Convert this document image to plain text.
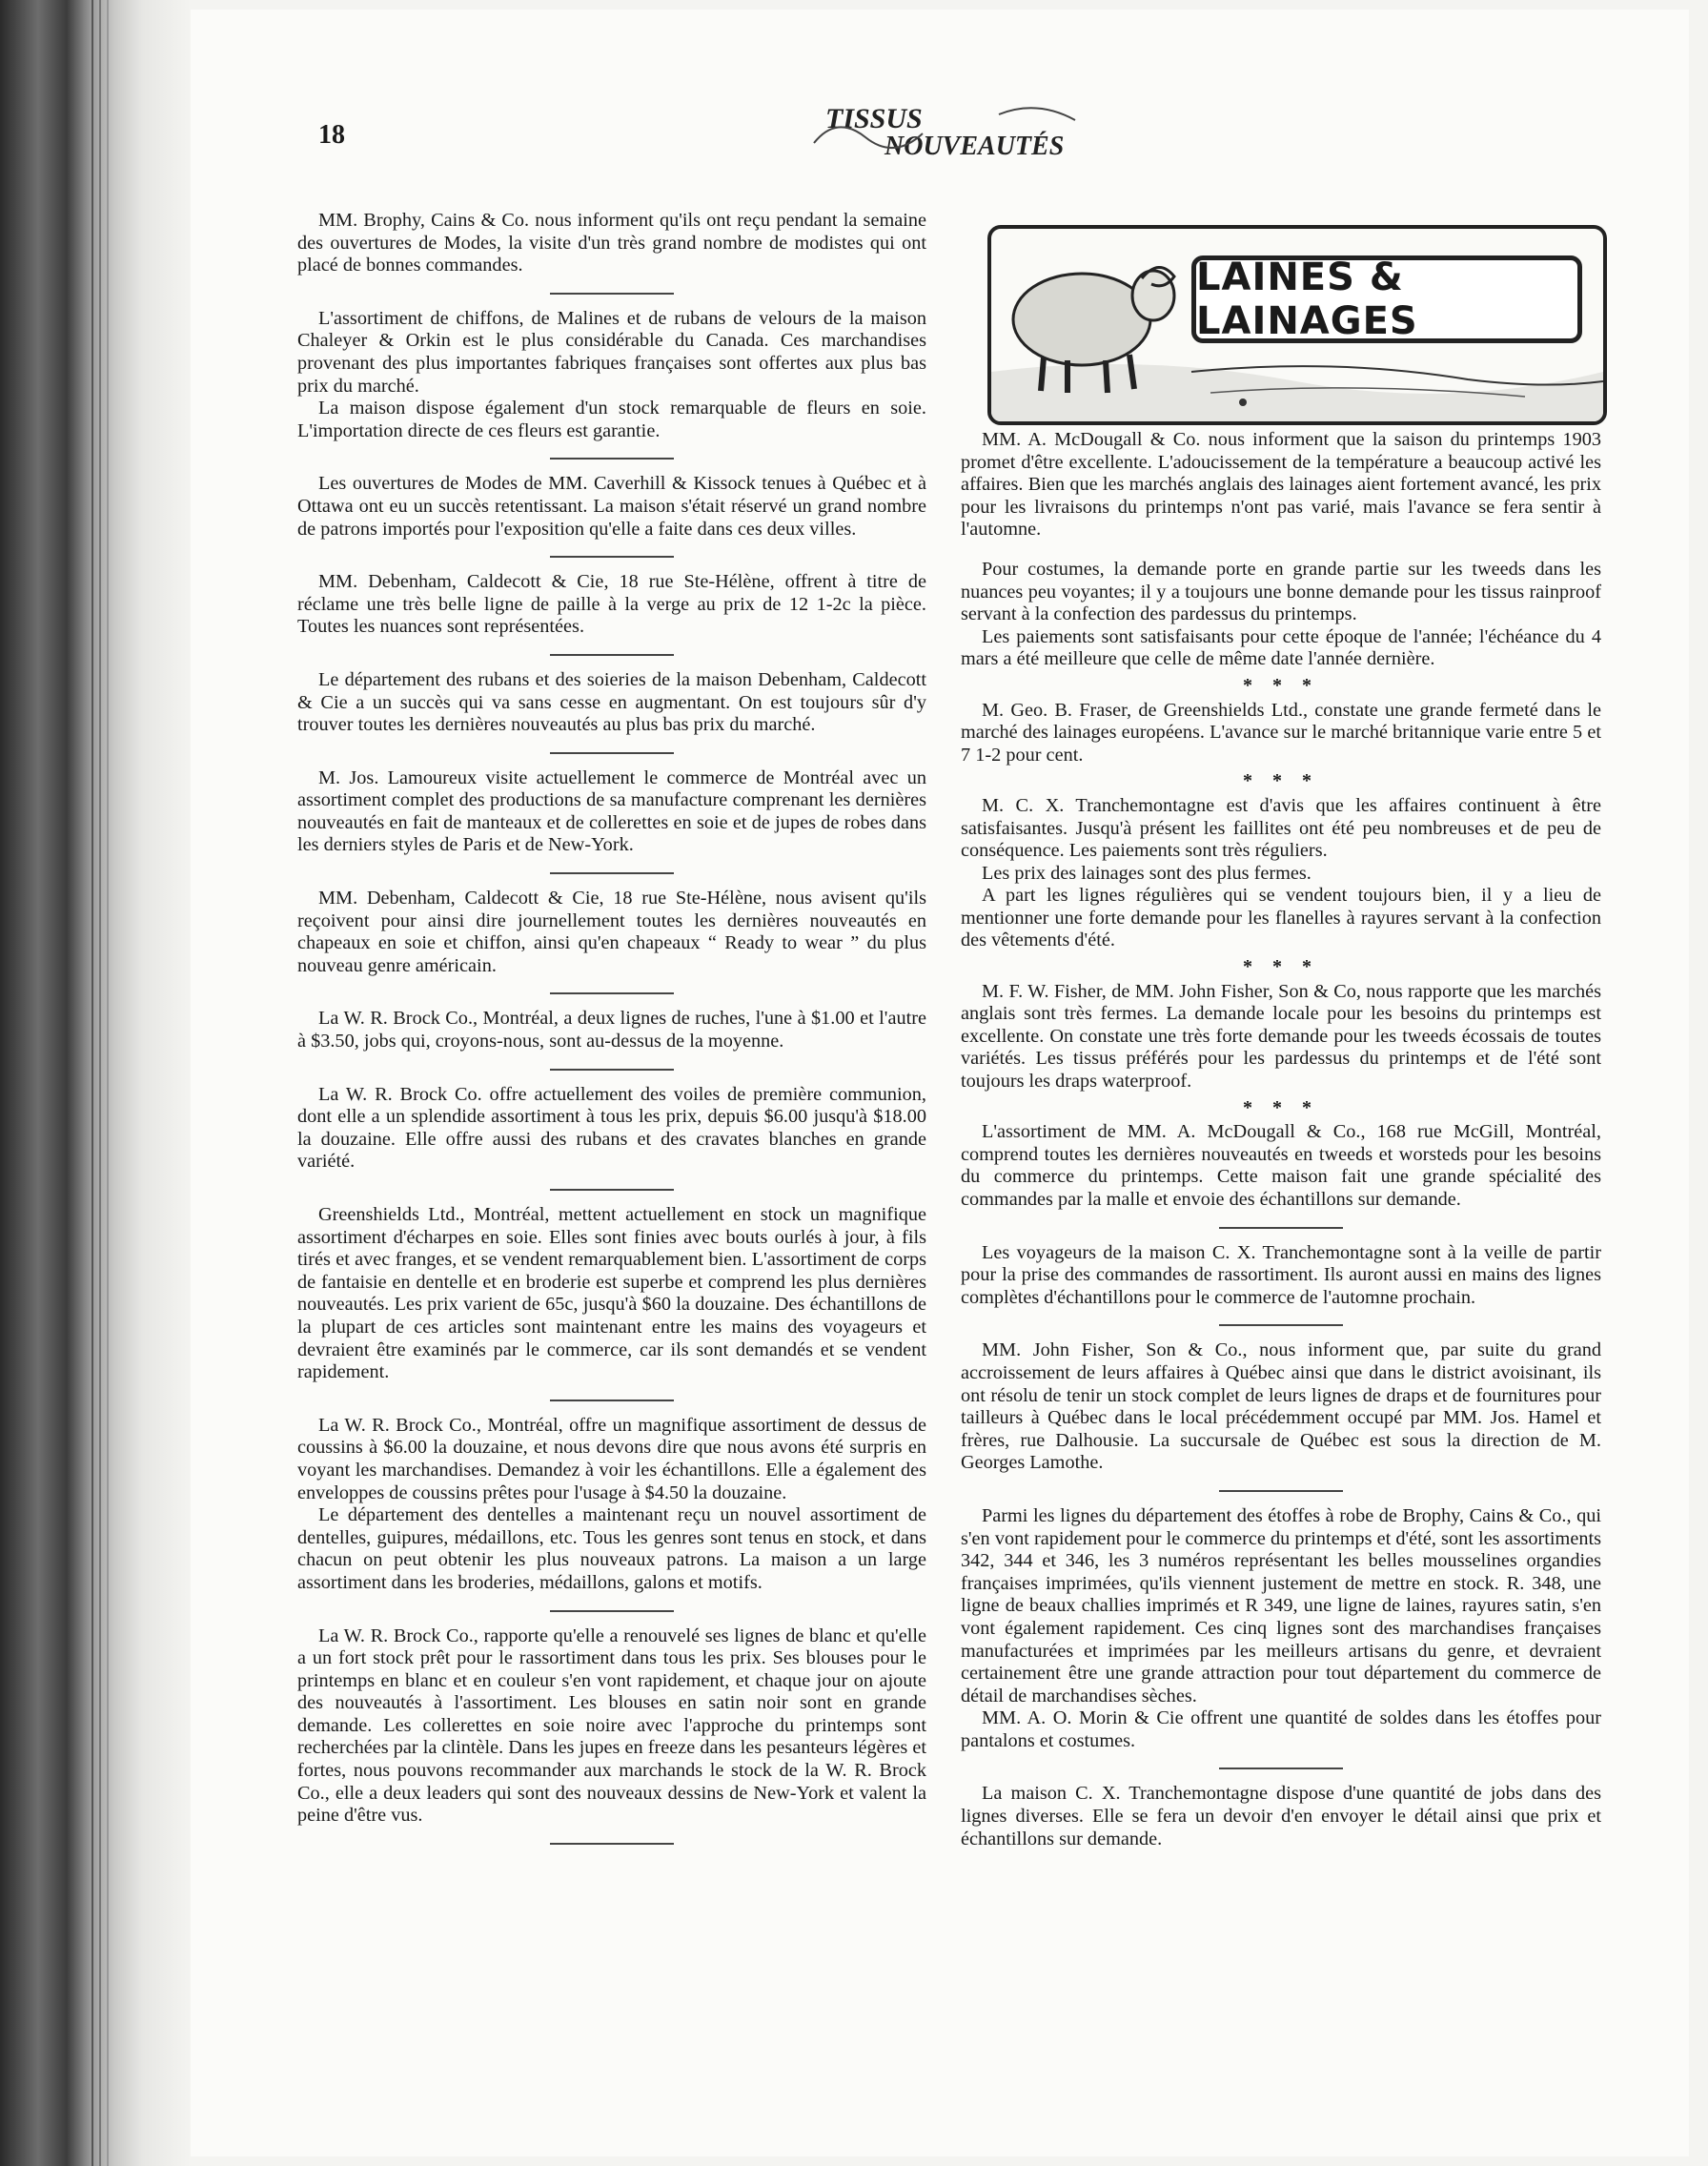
18
TISSUS
NOUVEAUTÉS

MM. Brophy, Cains & Co. nous informent qu'ils ont reçu pendant la semaine des ouvertures de Modes, la visite d'un très grand nombre de modistes qui ont placé de bonnes commandes.

L'assortiment de chiffons, de Malines et de rubans de velours de la maison Chaleyer & Orkin est le plus considérable du Canada. Ces marchandises provenant des plus importantes fabriques françaises sont offertes aux plus bas prix du marché.

La maison dispose également d'un stock remarquable de fleurs en soie. L'importation directe de ces fleurs est garantie.

Les ouvertures de Modes de MM. Caverhill & Kissock tenues à Québec et à Ottawa ont eu un succès retentissant. La maison s'était réservé un grand nombre de patrons importés pour l'exposition qu'elle a faite dans ces deux villes.

MM. Debenham, Caldecott & Cie, 18 rue Ste-Hélène, offrent à titre de réclame une très belle ligne de paille à la verge au prix de 12 1-2c la pièce. Toutes les nuances sont représentées.

Le département des rubans et des soieries de la maison Debenham, Caldecott & Cie a un succès qui va sans cesse en augmentant. On est toujours sûr d'y trouver toutes les dernières nouveautés au plus bas prix du marché.

M. Jos. Lamoureux visite actuellement le commerce de Montréal avec un assortiment complet des productions de sa manufacture comprenant les dernières nouveautés en fait de manteaux et de collerettes en soie et de jupes de robes dans les derniers styles de Paris et de New-York.

MM. Debenham, Caldecott & Cie, 18 rue Ste-Hélène, nous avisent qu'ils reçoivent pour ainsi dire journellement toutes les dernières nouveautés en chapeaux en soie et chiffon, ainsi qu'en chapeaux “ Ready to wear ” du plus nouveau genre américain.

La W. R. Brock Co., Montréal, a deux lignes de ruches, l'une à $1.00 et l'autre à $3.50, jobs qui, croyons-nous, sont au-dessus de la moyenne.

La W. R. Brock Co. offre actuellement des voiles de première communion, dont elle a un splendide assortiment à tous les prix, depuis $6.00 jusqu'à $18.00 la douzaine. Elle offre aussi des rubans et des cravates blanches en grande variété.

Greenshields Ltd., Montréal, mettent actuellement en stock un magnifique assortiment d'écharpes en soie. Elles sont finies avec bouts ourlés à jour, à fils tirés et avec franges, et se vendent remarquablement bien. L'assortiment de corps de fantaisie en dentelle et en broderie est superbe et comprend les plus dernières nouveautés. Les prix varient de 65c, jusqu'à $60 la douzaine. Des échantillons de la plupart de ces articles sont maintenant entre les mains des voyageurs et devraient être examinés par le commerce, car ils sont demandés et se vendent rapidement.

La W. R. Brock Co., Montréal, offre un magnifique assortiment de dessus de coussins à $6.00 la douzaine, et nous devons dire que nous avons été surpris en voyant les marchandises. Demandez à voir les échantillons. Elle a également des enveloppes de coussins prêtes pour l'usage à $4.50 la douzaine.

Le département des dentelles a maintenant reçu un nouvel assortiment de dentelles, guipures, médaillons, etc. Tous les genres sont tenus en stock, et dans chacun on peut obtenir les plus nouveaux patrons. La maison a un large assortiment dans les broderies, médaillons, galons et motifs.

La W. R. Brock Co., rapporte qu'elle a renouvelé ses lignes de blanc et qu'elle a un fort stock prêt pour le rassortiment dans tous les prix. Ses blouses pour le printemps en blanc et en couleur s'en vont rapidement, et chaque jour on ajoute des nouveautés à l'assortiment. Les blouses en satin noir sont en grande demande. Les collerettes en soie noire avec l'approche du printemps sont recherchées par la clintèle. Dans les jupes en freeze dans les pesanteurs légères et fortes, nous pouvons recommander aux marchands le stock de la W. R. Brock Co., elle a deux leaders qui sont des nouveaux dessins de New-York et valent la peine d'être vus.

LAINES & LAINAGES

MM. A. McDougall & Co. nous informent que la saison du printemps 1903 promet d'être excellente. L'adoucissement de la température a beaucoup activé les affaires. Bien que les marchés anglais des lainages aient fortement avancé, les prix pour les livraisons du printemps n'ont pas varié, mais l'avance se fera sentir à l'automne.

Pour costumes, la demande porte en grande partie sur les tweeds dans les nuances peu voyantes; il y a toujours une bonne demande pour les tissus rainproof servant à la confection des pardessus du printemps.

Les paiements sont satisfaisants pour cette époque de l'année; l'échéance du 4 mars a été meilleure que celle de même date l'année dernière.

* * *

M. Geo. B. Fraser, de Greenshields Ltd., constate une grande fermeté dans le marché des lainages européens. L'avance sur le marché britannique varie entre 5 et 7 1-2 pour cent.

* * *

M. C. X. Tranchemontagne est d'avis que les affaires continuent à être satisfaisantes. Jusqu'à présent les faillites ont été peu nombreuses et de peu de conséquence. Les paiements sont très réguliers.

Les prix des lainages sont des plus fermes.

A part les lignes régulières qui se vendent toujours bien, il y a lieu de mentionner une forte demande pour les flanelles à rayures servant à la confection des vêtements d'été.

* * *

M. F. W. Fisher, de MM. John Fisher, Son & Co, nous rapporte que les marchés anglais sont très fermes. La demande locale pour les besoins du printemps est excellente. On constate une très forte demande pour les tweeds écossais de toutes variétés. Les tissus préférés pour les pardessus du printemps et de l'été sont toujours les draps waterproof.

* * *

L'assortiment de MM. A. McDougall & Co., 168 rue McGill, Montréal, comprend toutes les dernières nouveautés en tweeds et worsteds pour les besoins du commerce du printemps. Cette maison fait une grande spécialité des commandes par la malle et envoie des échantillons sur demande.

Les voyageurs de la maison C. X. Tranchemontagne sont à la veille de partir pour la prise des commandes de rassortiment. Ils auront aussi en mains des lignes complètes d'échantillons pour le commerce de l'automne prochain.

MM. John Fisher, Son & Co., nous informent que, par suite du grand accroissement de leurs affaires à Québec ainsi que dans le district avoisinant, ils ont résolu de tenir un stock complet de leurs lignes de draps et de fournitures pour tailleurs à Québec dans le local précédemment occupé par MM. Jos. Hamel et frères, rue Dalhousie. La succursale de Québec est sous la direction de M. Georges Lamothe.

Parmi les lignes du département des étoffes à robe de Brophy, Cains & Co., qui s'en vont rapidement pour le commerce du printemps et d'été, sont les assortiments 342, 344 et 346, les 3 numéros représentant les belles mousselines organdies françaises imprimées, qu'ils viennent justement de mettre en stock. R. 348, une ligne de beaux challies imprimés et R 349, une ligne de laines, rayures satin, s'en vont également rapidement. Ces cinq lignes sont des marchandises françaises manufacturées et imprimées par les meilleurs artisans du genre, et devraient certainement être une grande attraction pour tout département du commerce de détail de marchandises sèches.

MM. A. O. Morin & Cie offrent une quantité de soldes dans les étoffes pour pantalons et costumes.

La maison C. X. Tranchemontagne dispose d'une quantité de jobs dans des lignes diverses. Elle se fera un devoir d'en envoyer le détail ainsi que prix et échantillons sur demande.
